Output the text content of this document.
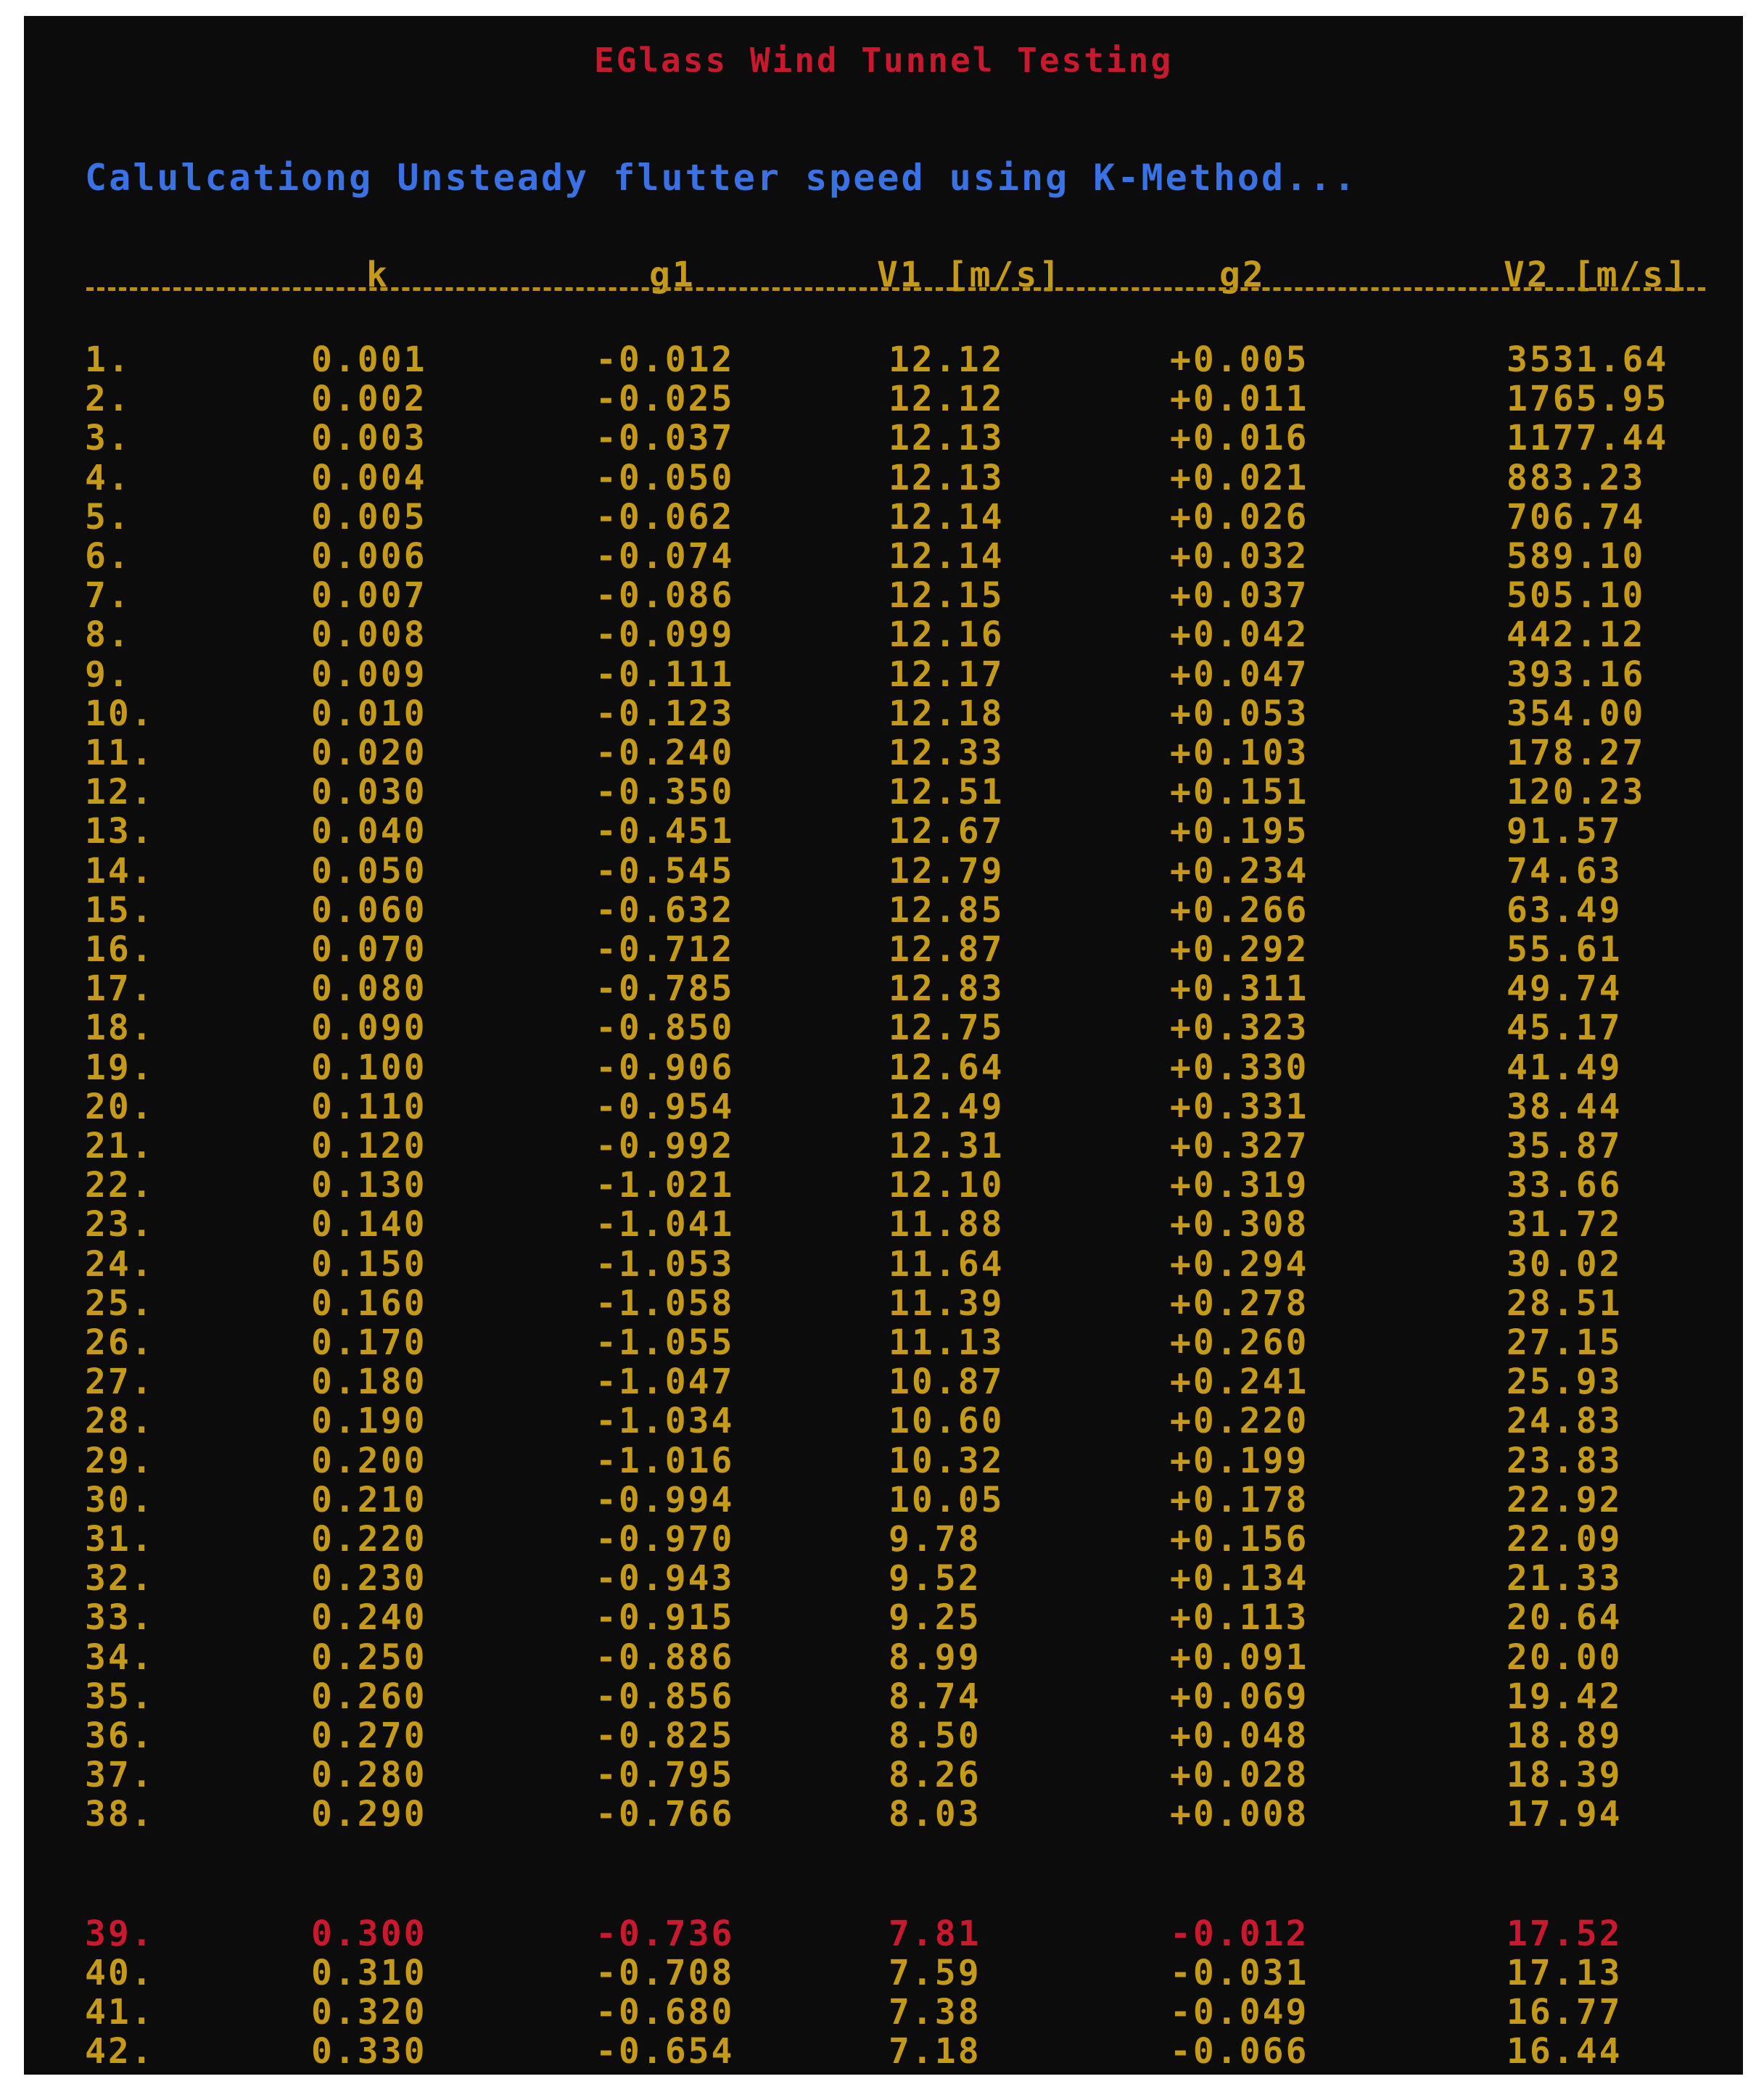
EGlass Wind Tunnel Testing
Calulcationg Unsteady flutter speed using K-Method...
k	g1	V1 [m/s]	g2	V2 [m/s]
1.	0.001	-0.012	12.12	+0.005	3531.64
2.	0.002	-0.025	12.12	+0.011	1765.95
3.	0.003	-0.037	12.13	+0.016	1177.44
4.	0.004	-0.050	12.13	+0.021	883.23
5.	0.005	-0.062	12.14	+0.026	706.74
6.	0.006	-0.074	12.14	+0.032	589.10
7.	0.007	-0.086	12.15	+0.037	505.10
8.	0.008	-0.099	12.16	+0.042	442.12
9.	0.009	-0.111	12.17	+0.047	393.16
10.	0.010	-0.123	12.18	+0.053	354.00
11.	0.020	-0.240	12.33	+0.103	178.27
12.	0.030	-0.350	12.51	+0.151	120.23
13.	0.040	-0.451	12.67	+0.195	91.57
14.	0.050	-0.545	12.79	+0.234	74.63
15.	0.060	-0.632	12.85	+0.266	63.49
16.	0.070	-0.712	12.87	+0.292	55.61
17.	0.080	-0.785	12.83	+0.311	49.74
18.	0.090	-0.850	12.75	+0.323	45.17
19.	0.100	-0.906	12.64	+0.330	41.49
20.	0.110	-0.954	12.49	+0.331	38.44
21.	0.120	-0.992	12.31	+0.327	35.87
22.	0.130	-1.021	12.10	+0.319	33.66
23.	0.140	-1.041	11.88	+0.308	31.72
24.	0.150	-1.053	11.64	+0.294	30.02
25.	0.160	-1.058	11.39	+0.278	28.51
26.	0.170	-1.055	11.13	+0.260	27.15
27.	0.180	-1.047	10.87	+0.241	25.93
28.	0.190	-1.034	10.60	+0.220	24.83
29.	0.200	-1.016	10.32	+0.199	23.83
30.	0.210	-0.994	10.05	+0.178	22.92
31.	0.220	-0.970	9.78	+0.156	22.09
32.	0.230	-0.943	9.52	+0.134	21.33
33.	0.240	-0.915	9.25	+0.113	20.64
34.	0.250	-0.886	8.99	+0.091	20.00
35.	0.260	-0.856	8.74	+0.069	19.42
36.	0.270	-0.825	8.50	+0.048	18.89
37.	0.280	-0.795	8.26	+0.028	18.39
38.	0.290	-0.766	8.03	+0.008	17.94
39.	0.300	-0.736	7.81	-0.012	17.52
40.	0.310	-0.708	7.59	-0.031	17.13
41.	0.320	-0.680	7.38	-0.049	16.77
42.	0.330	-0.654	7.18	-0.066	16.44
